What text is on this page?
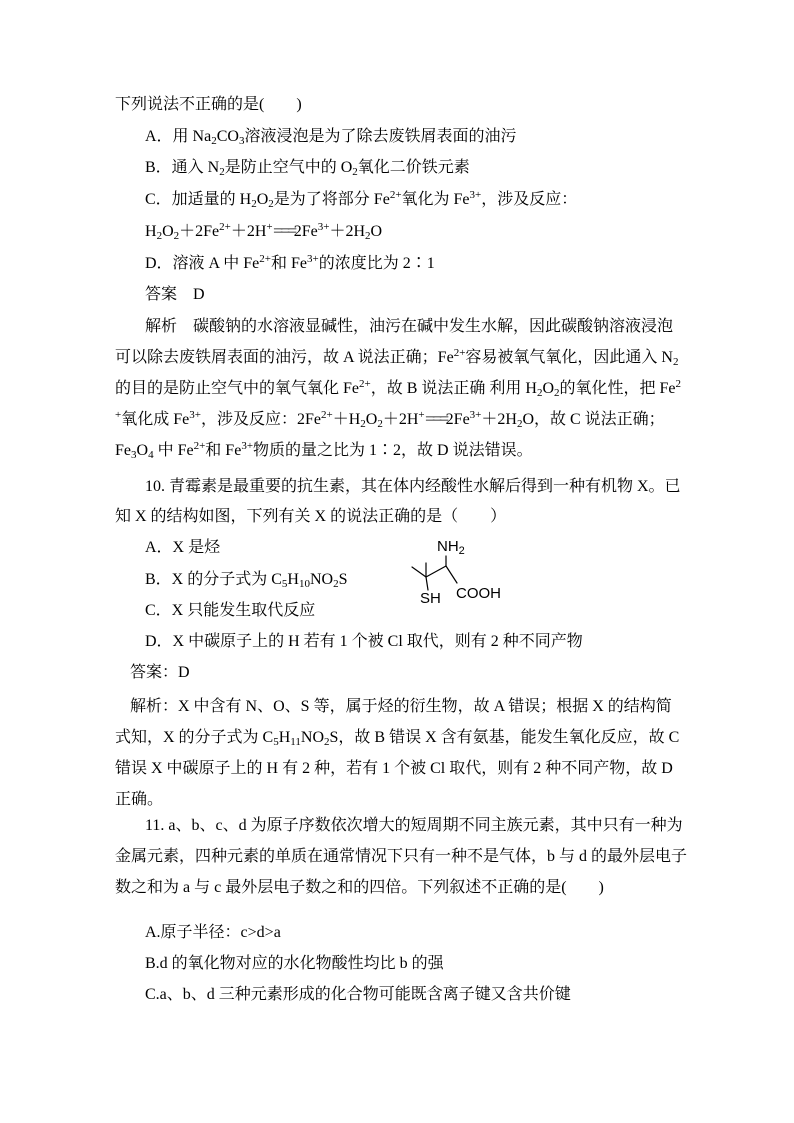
下列说法不正确的是(　　)
A．用 $Na_2CO_3$溶液浸泡是为了除去废铁屑表面的油污
B．通入 $N_2$是防止空气中的 $O_2$氧化二价铁元素
C．加适量的 $H_2O_2$是为了将部分 $Fe^{2+}$氧化为 $Fe^{3+}$，涉及反应：
$H_2O_2+2Fe^{2+}+2H^+===2Fe^{3+}+2H_2O$
D．溶液 A 中 $Fe^{2+}$和 $Fe^{3+}$的浓度比为 2∶1
答案　D
解析　碳酸钠的水溶液显碱性，油污在碱中发生水解，因此碳酸钠溶液浸泡
可以除去废铁屑表面的油污，故 A 说法正确；$Fe^{2+}$容易被氧气氧化，因此通入 $N_2$
的目的是防止空气中的氧气氧化 $Fe^{2+}$，故 B 说法正确 利用 $H_2O_2$的氧化性，把 Fe$^2$
+氧化成 $Fe^{3+}$，涉及反应：$2Fe^{2+}+H_2O_2+2H^+===2Fe^{3+}+2H_2O$，故 C 说法正确；
$Fe_3O_4$ 中 $Fe^{2+}$和 $Fe^{3+}$物质的量之比为 1∶2，故 D 说法错误。
10. 青霉素是最重要的抗生素，其在体内经酸性水解后得到一种有机物 X。已
知 X 的结构如图，下列有关 X 的说法正确的是（　　）
A．X 是烃
B．X 的分子式为 $C_5H_{10}NO_2S$
C．X 只能发生取代反应
D．X 中碳原子上的 H 若有 1 个被 Cl 取代，则有 2 种不同产物
答案：D
解析：X 中含有 N、O、S 等，属于烃的衍生物，故 A 错误；根据 X 的结构简
式知，X 的分子式为 $C_5H_{11}NO_2S$，故 B 错误 X 含有氨基，能发生氧化反应，故 C
错误 X 中碳原子上的 H 有 2 种，若有 1 个被 Cl 取代，则有 2 种不同产物，故 D
正确。
$NH_2$
SH COOH
11. a、b、c、d 为原子序数依次增大的短周期不同主族元素，其中只有一种为
金属元素，四种元素的单质在通常情况下只有一种不是气体，b 与 d 的最外层电子
数之和为 a 与 c 最外层电子数之和的四倍。下列叙述不正确的是(　　)
A.原子半径：c>d>a
B.d 的氧化物对应的水化物酸性均比 b 的强
C.a、b、d 三种元素形成的化合物可能既含离子键又含共价键
